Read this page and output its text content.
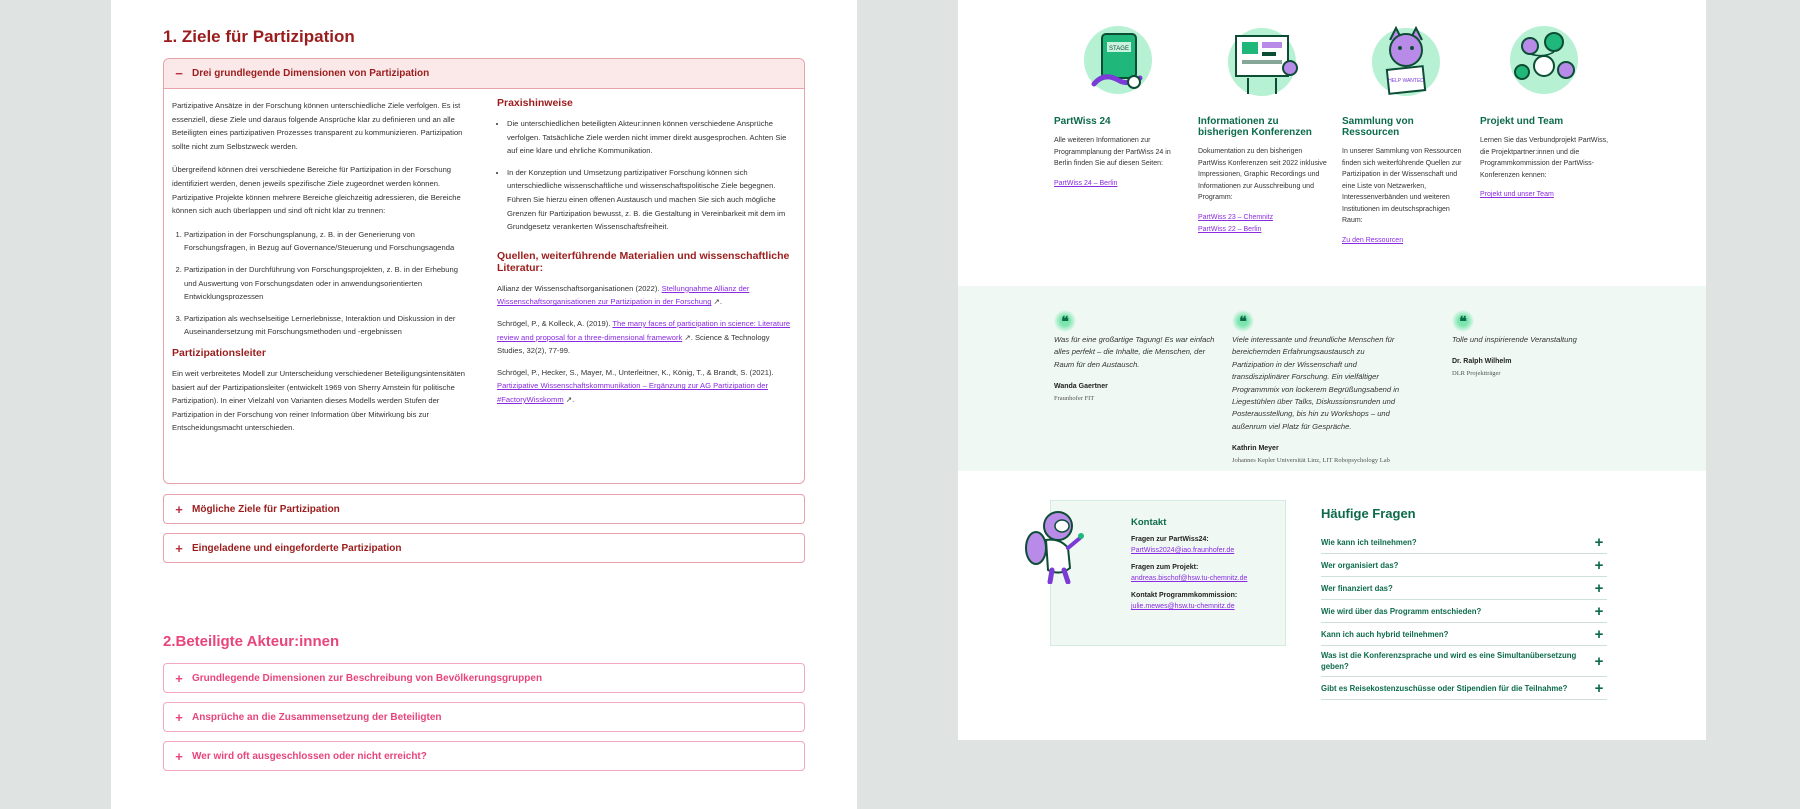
1. Ziele für Partizipation
− Drei grundlegende Dimensionen von Partizipation

Partizipative Ansätze in der Forschung können unterschiedliche Ziele verfolgen. Es ist essenziell, diese Ziele und daraus folgende Ansprüche klar zu definieren und an alle Beteiligten eines partizipativen Prozesses transparent zu kommunizieren. Partizipation sollte nicht zum Selbstzweck werden.

Übergreifend können drei verschiedene Bereiche für Partizipation in der Forschung identifiziert werden, denen jeweils spezifische Ziele zugeordnet werden können. Partizipative Projekte können mehrere Bereiche gleichzeitig adressieren, die Bereiche können sich auch überlappen und sind oft nicht klar zu trennen:

1. Partizipation in der Forschungsplanung, z. B. in der Generierung von Forschungsfragen, in Bezug auf Governance/Steuerung und Forschungsagenda
2. Partizipation in der Durchführung von Forschungsprojekten, z. B. in der Erhebung und Auswertung von Forschungsdaten oder in anwendungsorientierten Entwicklungsprozessen
3. Partizipation als wechselseitige Lernerlebnisse, Interaktion und Diskussion in der Auseinandersetzung mit Forschungsmethoden und -ergebnissen
Partizipationsleiter

Ein weit verbreitetes Modell zur Unterscheidung verschiedener Beteiligungsintensitäten basiert auf der Partizipationsleiter (entwickelt 1969 von Sherry Arnstein für politische Partizipation). In einer Vielzahl von Varianten dieses Modells werden Stufen der Partizipation in der Forschung von reiner Information über Mitwirkung bis zur Entscheidungsmacht unterschieden.

Praxishinweise
• Die unterschiedlichen beteiligten Akteur:innen können verschiedene Ansprüche verfolgen. Tatsächliche Ziele werden nicht immer direkt ausgesprochen. Achten Sie auf eine klare und ehrliche Kommunikation.
• In der Konzeption und Umsetzung partizipativer Forschung können sich unterschiedliche wissenschaftliche und wissenschaftspolitische Ziele begegnen. Führen Sie hierzu einen offenen Austausch und machen Sie sich auch mögliche Grenzen für Partizipation bewusst, z. B. die Gestaltung in Vereinbarkeit mit dem im Grundgesetz verankerten Wissenschaftsfreiheit.
Quellen, weiterführende Materialien und wissenschaftliche Literatur:

Allianz der Wissenschaftsorganisationen (2022). Stellungnahme Allianz der Wissenschaftsorganisationen zur Partizipation in der Forschung ↗.

Schrögel, P., & Kolleck, A. (2019). The many faces of participation in science: Literature review and proposal for a three-dimensional framework ↗. Science & Technology Studies, 32(2), 77-99.

Schrögel, P., Hecker, S., Mayer, M., Unterleitner, K., König, T., & Brandt, S. (2021). Partizipative Wissenschaftskommunikation – Ergänzung zur AG Partizipation der #FactoryWisskomm ↗.

+ Mögliche Ziele für Partizipation
+ Eingeladene und eingeforderte Partizipation
2.Beteiligte Akteur:innen
+ Grundlegende Dimensionen zur Beschreibung von Bevölkerungsgruppen
+ Ansprüche an die Zusammensetzung der Beteiligten
+ Wer wird oft ausgeschlossen oder nicht erreicht?
STAGE
PartWiss 24
Alle weiteren Informationen zur Programmplanung der PartWiss 24 in Berlin finden Sie auf diesen Seiten:
PartWiss 24 – Berlin
Informationen zu bisherigen Konferenzen
Dokumentation zu den bisherigen PartWiss Konferenzen seit 2022 inklusive Impressionen, Graphic Recordings und Informationen zur Ausschreibung und Programm:
PartWiss 23 – Chemnitz
PartWiss 22 – Berlin
HELP WANTED
Sammlung von Ressourcen
In unserer Sammlung von Ressourcen finden sich weiterführende Quellen zur Partizipation in der Wissenschaft und eine Liste von Netzwerken, Interessenverbänden und weiteren Institutionen im deutschsprachigen Raum:
Zu den Ressourcen
Projekt und Team
Lernen Sie das Verbundprojekt PartWiss, die Projektpartner:innen und die Programmkommission der PartWiss-Konferenzen kennen:
Projekt und unser Team
❝
Was für eine großartige Tagung! Es war einfach alles perfekt – die Inhalte, die Menschen, der Raum für den Austausch.
Wanda Gaertner
Fraunhofer FIT
❝
Viele interessante und freundliche Menschen für bereichernden Erfahrungsaustausch zu Partizipation in der Wissenschaft und transdisziplinärer Forschung. Ein vielfältiger Programmmix von lockerem Begrüßungsabend in Liegestühlen über Talks, Diskussionsrunden und Posterausstellung, bis hin zu Workshops – und außenrum viel Platz für Gespräche.
Kathrin Meyer
Johannes Kepler Universität Linz, LIT Robopsychology Lab
❝
Tolle und inspirierende Veranstaltung
Dr. Ralph Wilhelm
DLR Projektträger
Kontakt
Fragen zur PartWiss24:
PartWiss2024@iao.fraunhofer.de
Fragen zum Projekt:
andreas.bischof@hsw.tu-chemnitz.de
Kontakt Programmkommission:
julie.mewes@hsw.tu-chemnitz.de
Häufige Fragen
Wie kann ich teilnehmen?	+
Wer organisiert das?	+
Wer finanziert das?	+
Wie wird über das Programm entschieden?	+
Kann ich auch hybrid teilnehmen?	+
Was ist die Konferenzsprache und wird es eine Simultanübersetzung geben?	+
Gibt es Reisekostenzuschüsse oder Stipendien für die Teilnahme? +
